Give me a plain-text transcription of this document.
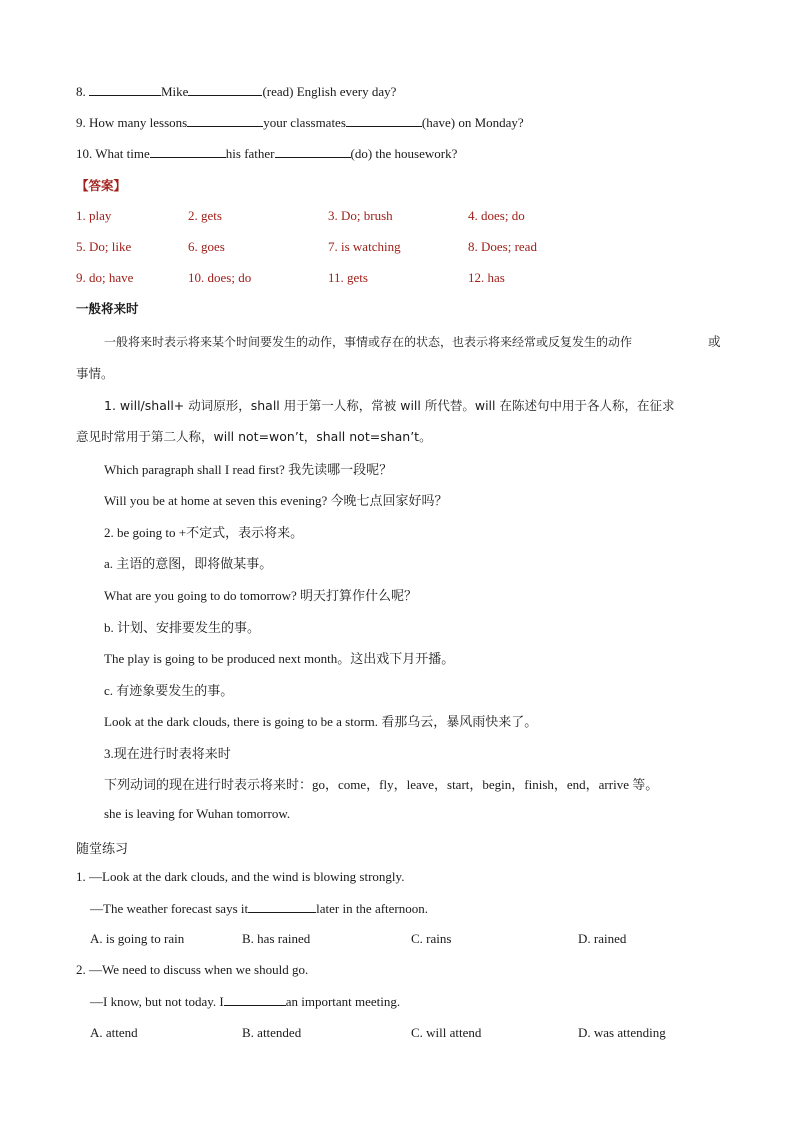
8.	Mike	(read) English every day?
9. How many lessons	your classmates	(have) on Monday?
10. What time	his father	(do) the housework?
【答案】
1. play	2. gets	3. Do; brush	4. does; do
5. Do; like	6. goes	7. is watching	8. Does; read
9. do; have	10. does; do	11. gets	12. has
一般将来时
一般将来时表示将来某个时间要发生的动作，事情或存在的状态，也表示将来经常或反复发生的动作	或
事情。
1. will/shall+ 动词原形，shall 用于第一人称，常被 will 所代替。will 在陈述句中用于各人称，在征求
意见时常用于第二人称，will not=won’t，shall not=shan’t。
Which paragraph shall I read first? 我先读哪一段呢？
Will you be at home at seven this evening? 今晚七点回家好吗？
2. be going to +不定式，表示将来。
a. 主语的意图，即将做某事。
What are you going to do tomorrow? 明天打算作什么呢？
b. 计划、安排要发生的事。
The play is going to be produced next month。这出戏下月开播。
c. 有迹象要发生的事。
Look at the dark clouds, there is going to be a storm. 看那乌云，暴风雨快来了。
3.现在进行时表将来时
下列动词的现在进行时表示将来时：go，come，fly，leave，start，begin，finish，end，arrive 等。
she is leaving for Wuhan tomorrow.
随堂练习
1. —Look at the dark clouds, and the wind is blowing strongly.
—The weather forecast says it	later in the afternoon.
A. is going to rain	B. has rained	C. rains	D. rained
2. —We need to discuss when we should go.
—I know, but not today. I	an important meeting.
A. attend	B. attended	C. will attend	D. was attending
